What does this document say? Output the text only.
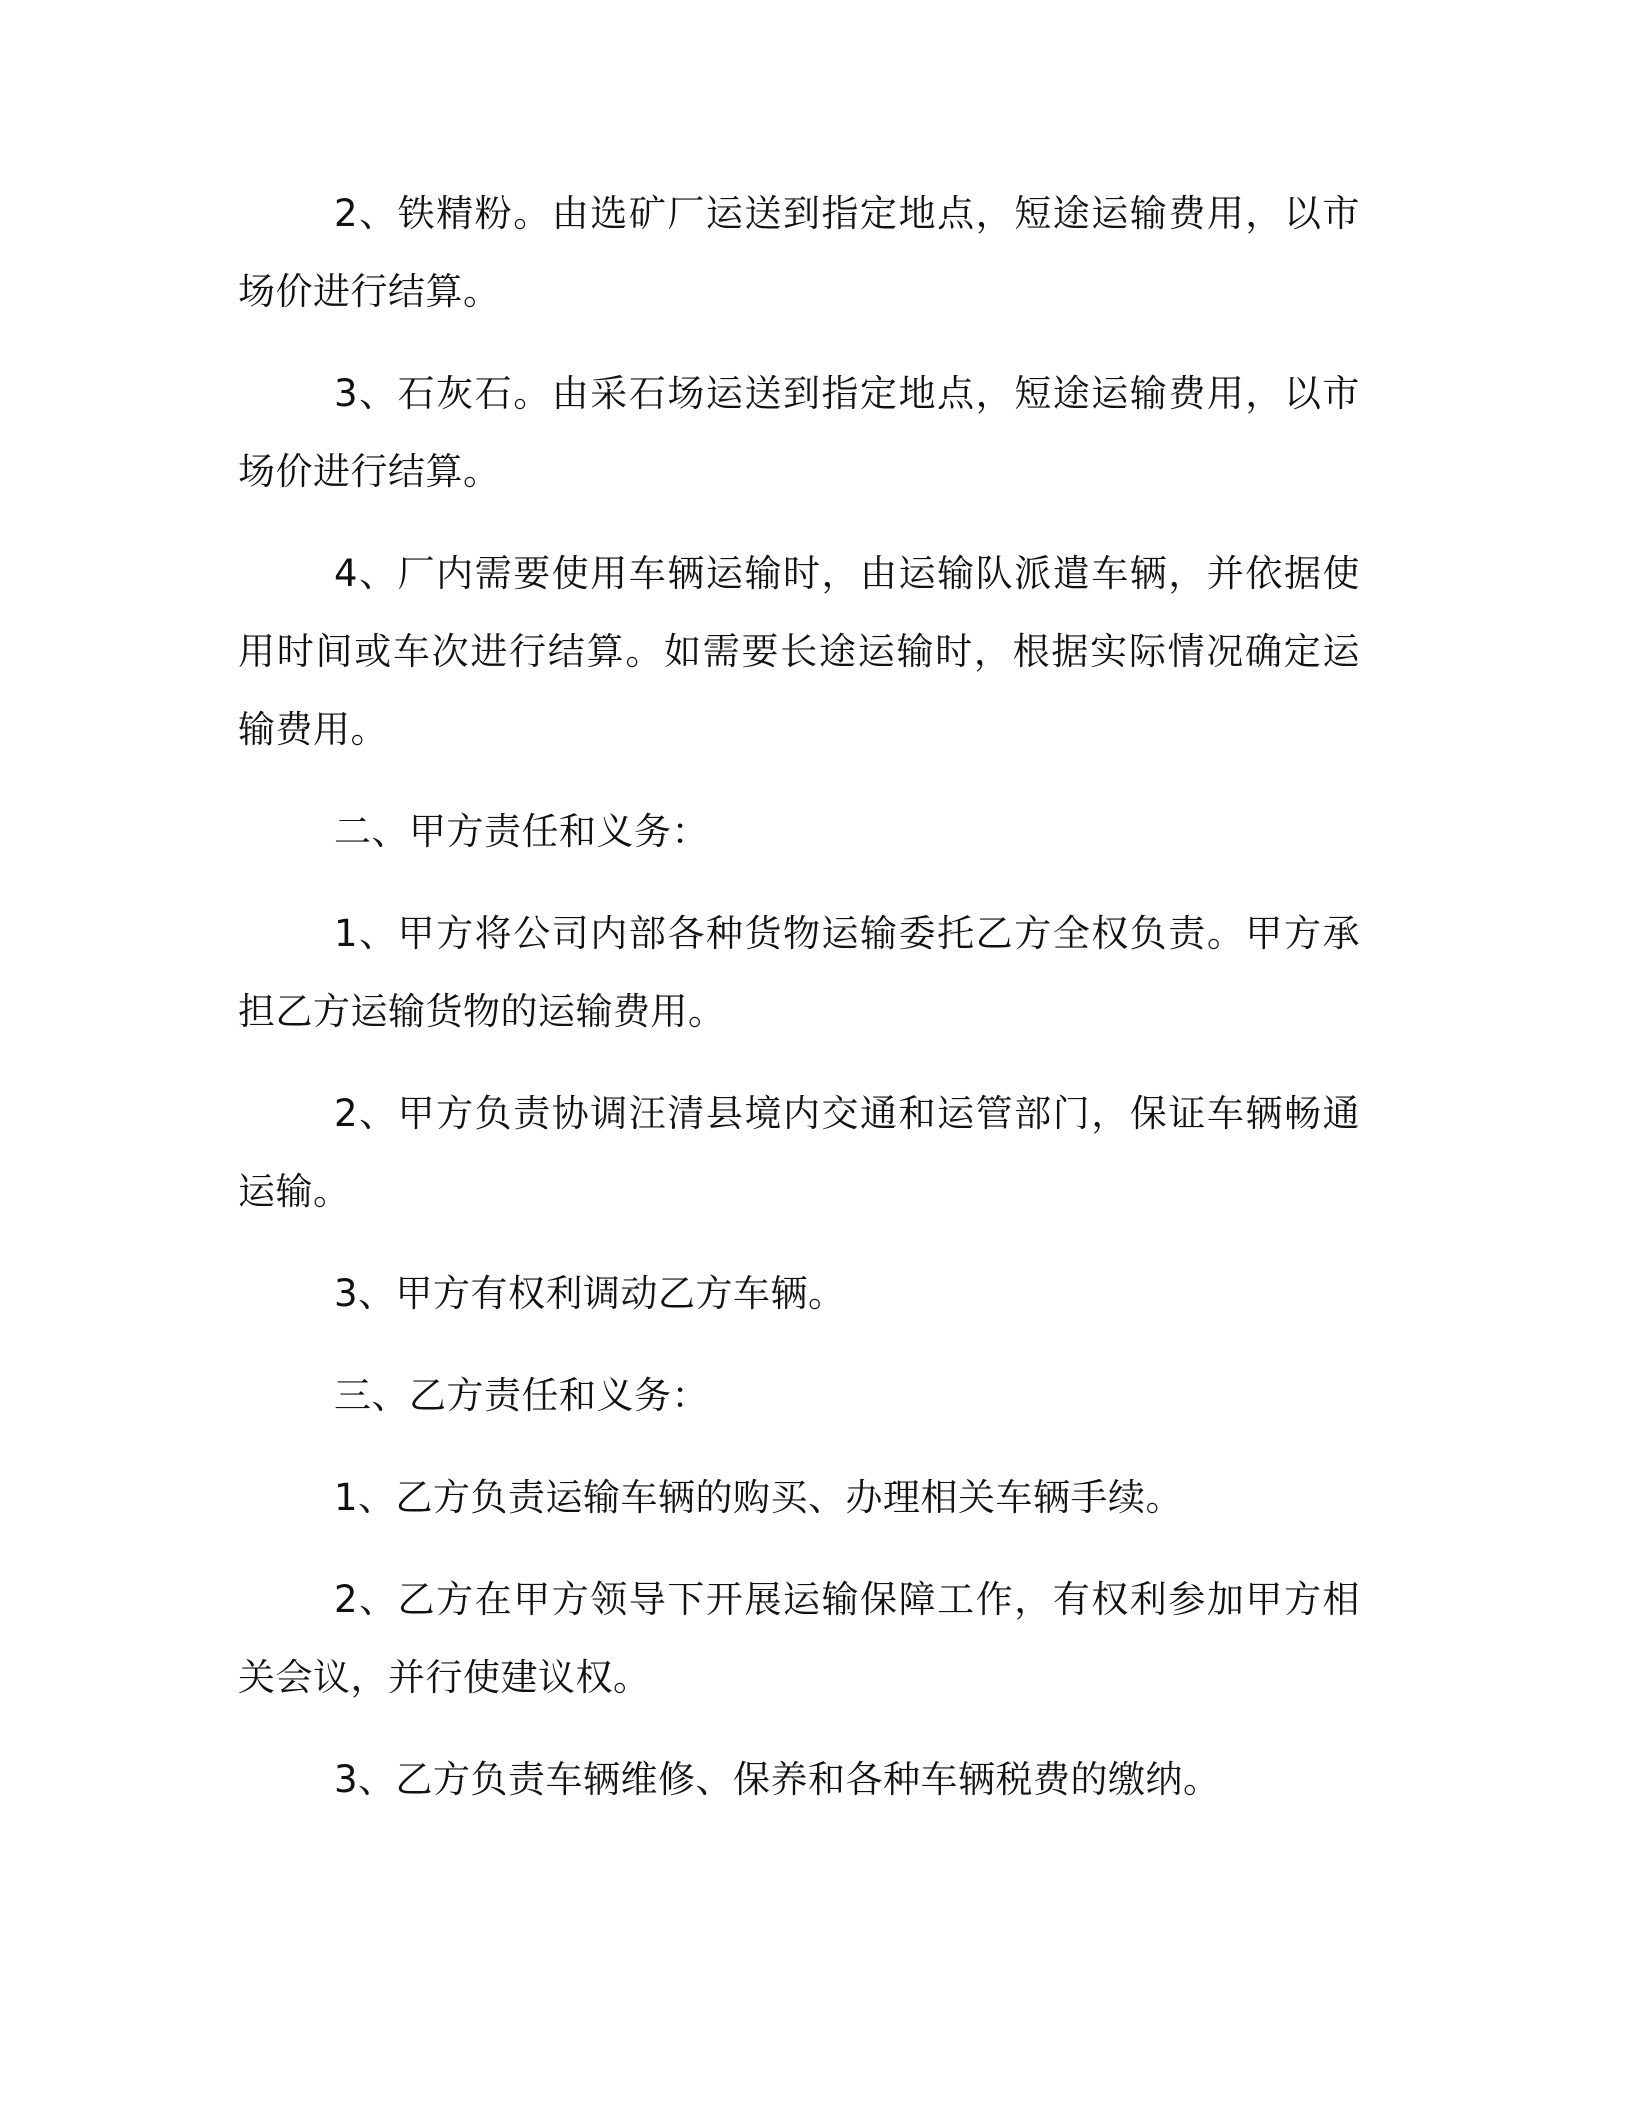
2、铁精粉。由选矿厂运送到指定地点，短途运输费用，以市场价进行结算。

3、石灰石。由采石场运送到指定地点，短途运输费用，以市场价进行结算。

4、厂内需要使用车辆运输时，由运输队派遣车辆，并依据使用时间或车次进行结算。如需要长途运输时，根据实际情况确定运输费用。

二、甲方责任和义务：

1、甲方将公司内部各种货物运输委托乙方全权负责。甲方承担乙方运输货物的运输费用。

2、甲方负责协调汪清县境内交通和运管部门，保证车辆畅通运输。

3、甲方有权利调动乙方车辆。

三、乙方责任和义务：

1、乙方负责运输车辆的购买、办理相关车辆手续。

2、乙方在甲方领导下开展运输保障工作，有权利参加甲方相关会议，并行使建议权。

3、乙方负责车辆维修、保养和各种车辆税费的缴纳。
